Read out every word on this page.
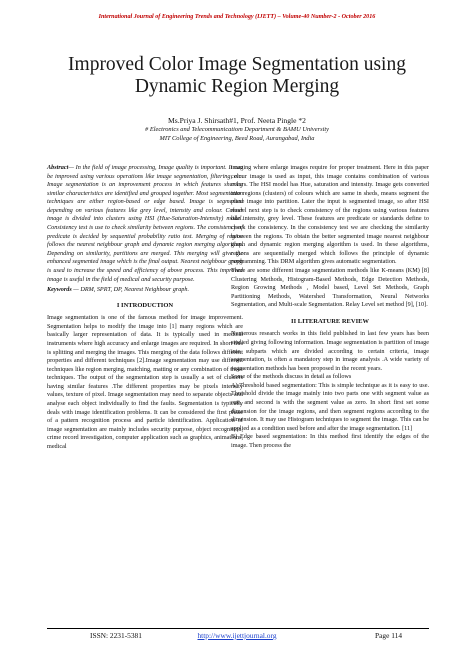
International Journal of Engineering Trends and Technology (IJETT) – Volume-40 Number-2 - October 2016
Improved Color Image Segmentation using
Dynamic Region Merging
Ms.Priya J. Shirsath#1, Prof. Neeta Pingle *2
# Electronics and Telecommunicatiom Department & BAMU University
MIT College of Engineering, Beed Road, Aurangabad, India

Abstract— In the field of image processing, Image quality is important. It can be improved using various operations like image segmentation, filtering, etc. Image segmentation is an improvement process in which features sharing similar characteristics are identified and grouped together. Most segmentation techniques are either region-based or edge based. Image is segmented depending on various features like grey level, intensity and colour. Colour image is divided into clusters using HSI (Hue-Saturation-Intensity) model. Consistency test is use to check similarity between regions. The consistency of predicate is decided by sequential probability ratio test. Merging of region follows the nearest neighbour graph and dynamic region merging algorithm. Depending on similarity, partitions are merged. This merging will give the enhanced segmented image which is the final output. Nearest neighbour graph is used to increase the speed and efficiency of above process. This improved image is useful in the field of medical and security purpose.

Keywords — DRM, SPRT, DP, Nearest Neighbour graph.

I INTRODUCTION

Image segmentation is one of the famous method for image improvement. Segmentation helps to modify the image into [1] many regions which are basically larger representation of data. It is typically used in medical instruments where high accuracy and enlarge images are required. In short this is splitting and merging the images. This merging of the data follows different properties and different techniques [2].Image segmentation may use different techniques like region merging, matching, matting or any combination of these techniques. The output of the segmentation step is usually a set of clusters having similar features .The different properties may be pixels intensity values, texture of pixel. Image segmentation may need to separate objects and analyse each object individually to find the faults. Segmentation is typically deals with image identification problems. It can be considered the first phase of a pattern recognition process and particle identification. Application of image segmentation are mainly includes security purpose, object recognition, crime record investigation, computer application such as graphics, animations, medical

imaging where enlarge images require for proper treatment. Here in this paper colour image is used as input, this image contains combination of various colors. The HSI model has Hue, saturation and intensity. Image gets converted into regions (clusters) of colours which are same in sheds, means segment the plane image into partition. Later the input is segmented image, so after HSI model next step is to check consistency of the regions using various features like intensity, grey level. These features are predicate or standards define to check the consistency. In the consistency test we are checking the similarity between the regions. To obtain the better segmented image nearest neighbour graph and dynamic region merging algorithm is used. In these algorithms, regions are sequentially merged which follows the principle of dynamic programming. This DRM algorithm gives automatic segmentation.

There are some different image segmentation methods like K-means (KM) [8] Clustering Methods, Histogram-Based Methods, Edge Detection Methods, Region Growing Methods , Model based, Level Set Methods, Graph Partitioning Methods, Watershed Transformation, Neural Networks Segmentation, and Multi-scale Segmentation. Relay Level set method [9], [10].

II LITERATURE REVIEW

Numerous research works in this field published in last few years has been studied giving following information. Image segmentation is partition of image into subparts which are divided according to certain criteria, image segmentation, is often a mandatory step in image analysis .A wide variety of segmentation methods has been proposed in the recent years.

Some of the methods discuss in detail as follows

A) Threshold based segmentation: This is simple technique as it is easy to use. Threshold divide the image mainly into two parts one with segment value as one, and second is with the segment value as zero. In short first set some dimension for the image regions, and then segment regions according to the dimension. It may use Histogram techniques to segment the image. This can be applied as a condition used before and after the image segmentation. [11]

B) Edge based segmentation: In this method first identify the edges of the image. Then process the

ISSN: 2231-5381	http://www.ijettjournal.org	Page 114
